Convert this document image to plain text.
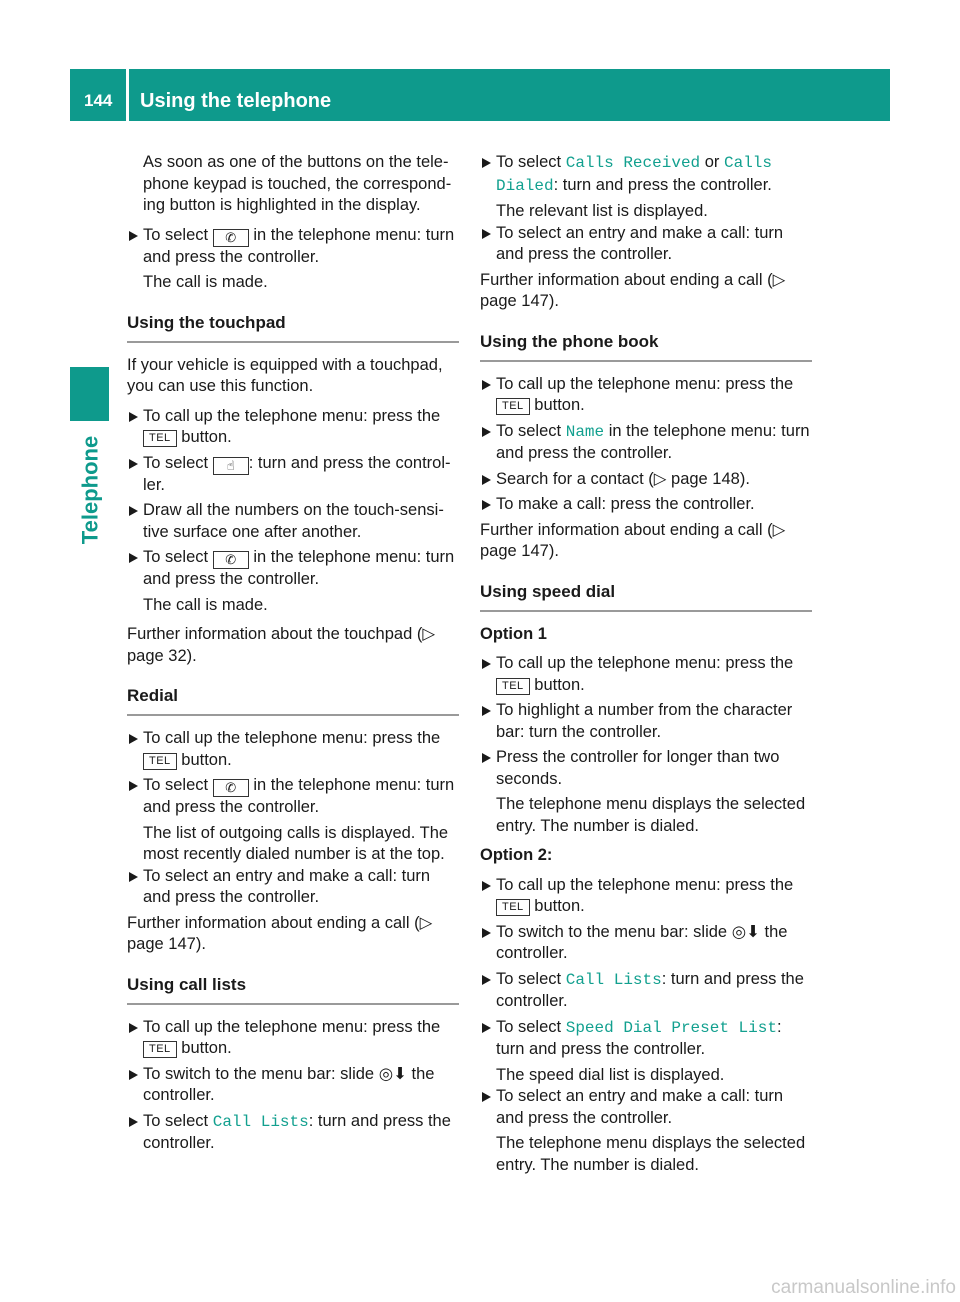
144 Using the telephone
Telephone

As soon as one of the buttons on the tele-phone keypad is touched, the correspond-ing button is highlighted in the display.

To select ✆ in the telephone menu: turn and press the controller.

The call is made.

Using the touchpad

If your vehicle is equipped with a touchpad, you can use this function.

To call up the telephone menu: press the TEL button.

To select ☝ : turn and press the control-ler.

Draw all the numbers on the touch-sensi-tive surface one after another.

To select ✆ in the telephone menu: turn and press the controller.

The call is made.

Further information about the touchpad (▷ page 32).

Redial

To call up the telephone menu: press the TEL button.

To select ✆ in the telephone menu: turn and press the controller.

The list of outgoing calls is displayed. The most recently dialed number is at the top.

To select an entry and make a call: turn and press the controller.

Further information about ending a call (▷ page 147).

Using call lists

To call up the telephone menu: press the TEL button.

To switch to the menu bar: slide ◎⬇ the controller.

To select Call Lists: turn and press the controller.

To select Calls Received or Calls Dialed: turn and press the controller.

The relevant list is displayed.

To select an entry and make a call: turn and press the controller.

Further information about ending a call (▷ page 147).

Using the phone book

To call up the telephone menu: press the TEL button.

To select Name in the telephone menu: turn and press the controller.

Search for a contact (▷ page 148).

To make a call: press the controller.

Further information about ending a call (▷ page 147).

Using speed dial

Option 1

To call up the telephone menu: press the TEL button.

To highlight a number from the character bar: turn the controller.

Press the controller for longer than two seconds.

The telephone menu displays the selected entry. The number is dialed.

Option 2:

To call up the telephone menu: press the TEL button.

To switch to the menu bar: slide ◎⬇ the controller.

To select Call Lists: turn and press the controller.

To select Speed Dial Preset List: turn and press the controller.

The speed dial list is displayed.

To select an entry and make a call: turn and press the controller.

The telephone menu displays the selected entry. The number is dialed.

carmanualsonline.info
